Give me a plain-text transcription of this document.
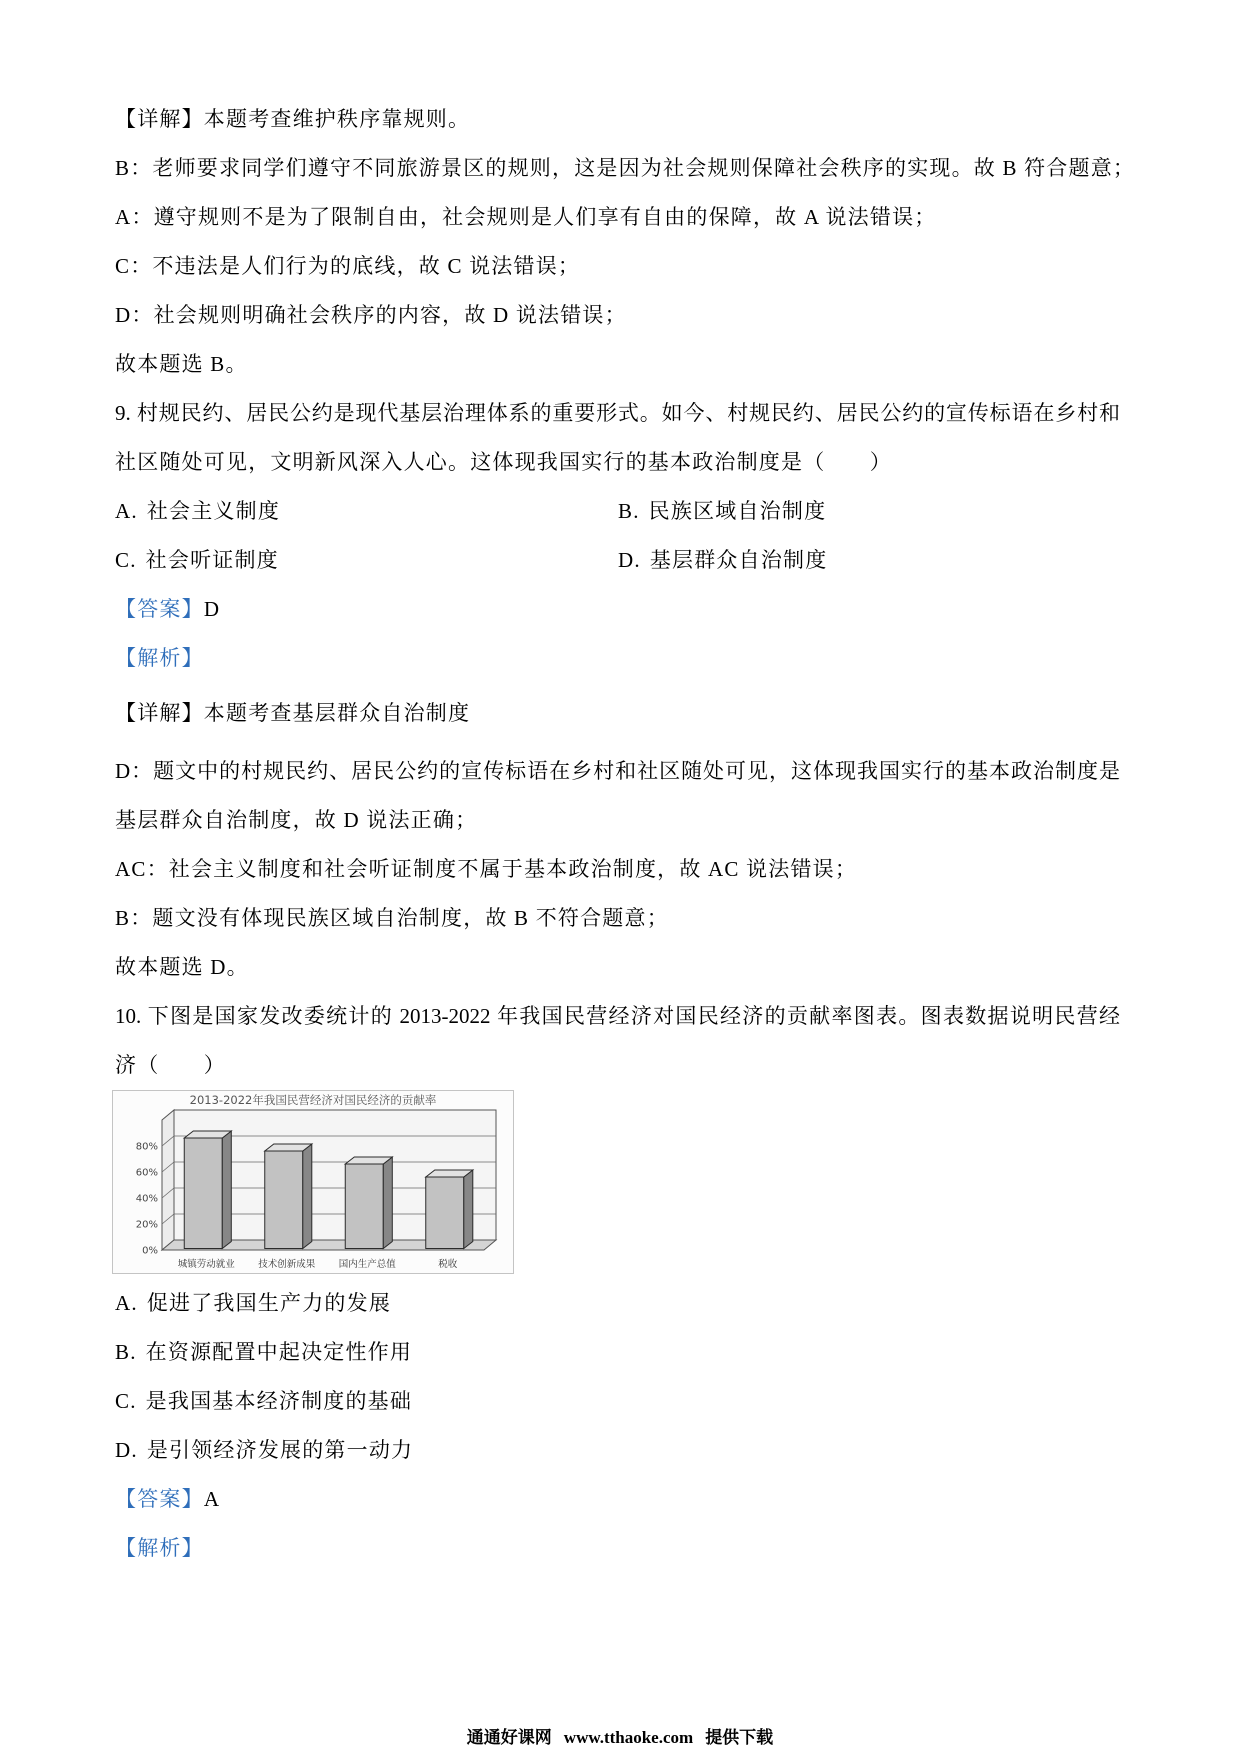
【详解】本题考查维护秩序靠规则。
B：老师要求同学们遵守不同旅游景区的规则，这是因为社会规则保障社会秩序的实现。故 B 符合题意；
A：遵守规则不是为了限制自由，社会规则是人们享有自由的保障，故 A 说法错误；
C：不违法是人们行为的底线，故 C 说法错误；
D：社会规则明确社会秩序的内容，故 D 说法错误；
故本题选 B。
9. 村规民约、居民公约是现代基层治理体系的重要形式。如今、村规民约、居民公约的宣传标语在乡村和
社区随处可见，文明新风深入人心。这体现我国实行的基本政治制度是（　　）
A. 社会主义制度	B. 民族区域自治制度
C. 社会听证制度	D. 基层群众自治制度
【答案】D
【解析】
【详解】本题考查基层群众自治制度
D：题文中的村规民约、居民公约的宣传标语在乡村和社区随处可见，这体现我国实行的基本政治制度是
基层群众自治制度，故 D 说法正确；
AC：社会主义制度和社会听证制度不属于基本政治制度，故 AC 说法错误；
B：题文没有体现民族区域自治制度，故 B 不符合题意；
故本题选 D。
10. 下图是国家发改委统计的 2013-2022 年我国民营经济对国民经济的贡献率图表。图表数据说明民营经
济（　　）
2013-2022年我国民营经济对国民经济的贡献率
0%
20%
40%
60%
80%
城镇劳动就业 技术创新成果 国内生产总值	税收
A. 促进了我国生产力的发展
B. 在资源配置中起决定性作用
C. 是我国基本经济制度的基础
D. 是引领经济发展的第一动力
【答案】A
【解析】
通通好课网 www.tthaoke.com 提供下载
